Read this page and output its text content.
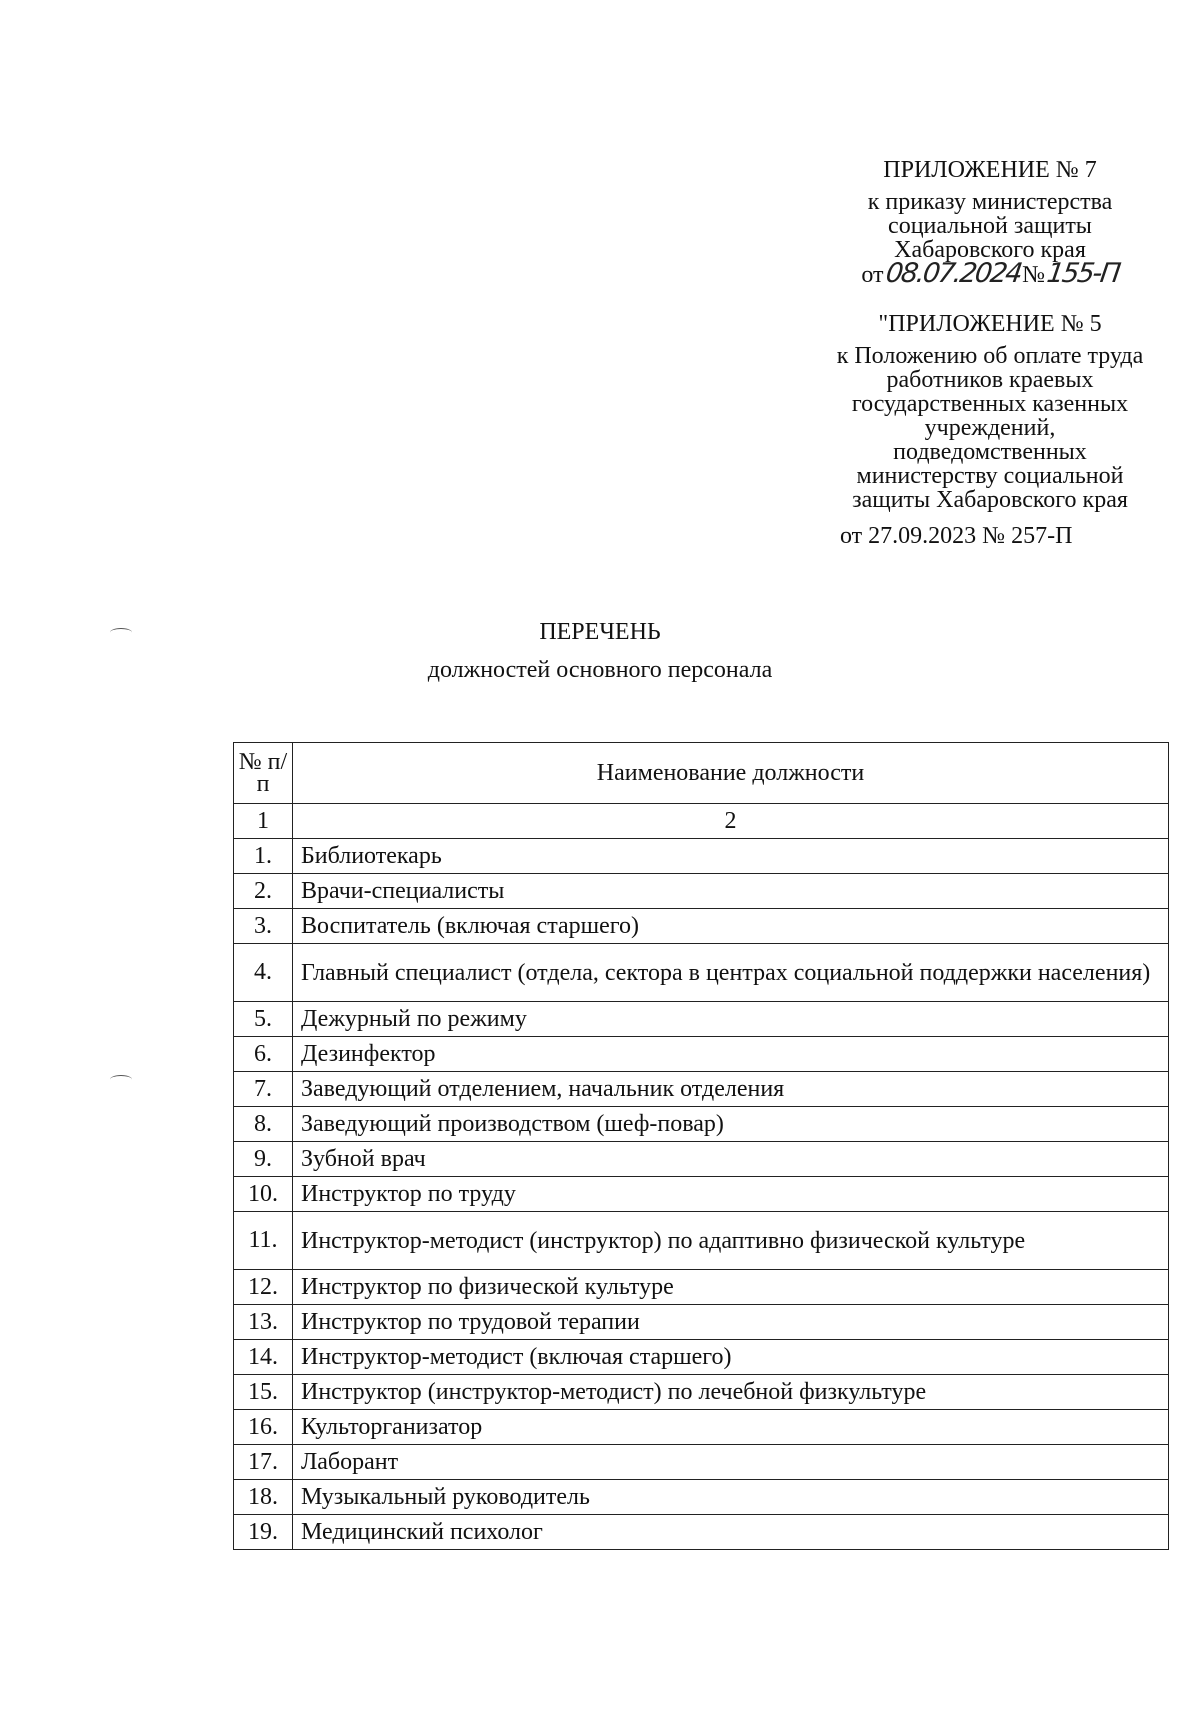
ПРИЛОЖЕНИЕ № 7
к приказу министерства
социальной защиты
Хабаровского края
от 08.07.2024 № 155-П
"ПРИЛОЖЕНИЕ № 5
к Положению об оплате труда
работников краевых
государственных казенных
учреждений,
подведомственных
министерству социальной
защиты Хабаровского края
от 27.09.2023 № 257-П
ПЕРЕЧЕНЬ
должностей основного персонала
№ п/п	Наименование должности
1	2
1.	Библиотекарь
2.	Врачи-специалисты
3.	Воспитатель (включая старшего)
4.	Главный специалист (отдела, сектора в центрах социальной поддержки населения)
5.	Дежурный по режиму
6.	Дезинфектор
7.	Заведующий отделением, начальник отделения
8.	Заведующий производством (шеф-повар)
9.	Зубной врач
10.	Инструктор по труду
11.	Инструктор-методист (инструктор) по адаптивно физической культуре
12.	Инструктор по физической культуре
13.	Инструктор по трудовой терапии
14.	Инструктор-методист (включая старшего)
15.	Инструктор (инструктор-методист) по лечебной физкультуре
16.	Культорганизатор
17.	Лаборант
18.	Музыкальный руководитель
19.	Медицинский психолог
